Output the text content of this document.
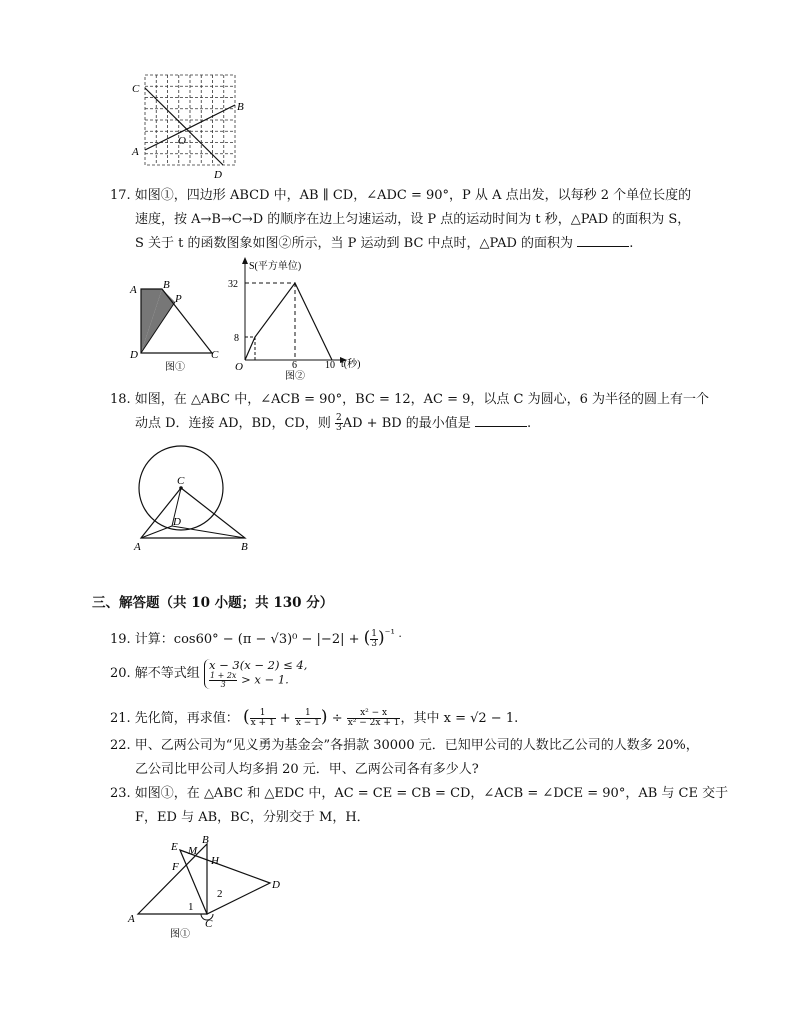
C
B
A
O
D
17. 如图①，四边形 ABCD 中，AB ∥ CD，∠ADC = 90°，P 从 A 点出发，以每秒 2 个单位长度的
速度，按 A→B→C→D 的顺序在边上匀速运动，设 P 点的运动时间为 t 秒，△PAD 的面积为 S，
S 关于 t 的函数图象如图②所示，当 P 运动到 BC 中点时，△PAD 的面积为	.
A B
P
D	C
图①
S(平方单位)
t(秒)
O
32
8
6	10
图②
18. 如图，在 △ABC 中，∠ACB = 90°，BC = 12，AC = 9，以点 C 为圆心，6 为半径的圆上有一个
动点 D．连接 AD，BD，CD，则 $\frac{2}{3}$ AD + BD 的最小值是	.
C
D
A	B
三、解答题（共 10 小题；共 130 分）
19. 计算：cos60° − (π − √3)⁰ − |−2| + ( $\frac{1}{3} )^{^{-1} .}$
20. 解不等式组
x − 3(x − 2) ≤ 4,
$\frac{1 + 2x}{3} > x - 1$.
21. 先化简，再求值： ( $\frac{1}{x + 1} + \frac{1}{x - 1}$ ) ÷ $\frac{\text{x² − x}}{\text{x² − 2x + 1}}$ ，其中 x = √2 − 1.
22. 甲、乙两公司为“见义勇为基金会”各捐款 30000 元．已知甲公司的人数比乙公司的人数多 20%，
乙公司比甲公司人均多捐 20 元．甲、乙两公司各有多少人?
23. 如图①，在 △ABC 和 △EDC 中，AC = CE = CB = CD，∠ACB = ∠DCE = 90°，AB 与 CE 交于
F，ED 与 AB，BC，分别交于 M，H．
E
B
M
H
F
D
A	C
1
2
图①
